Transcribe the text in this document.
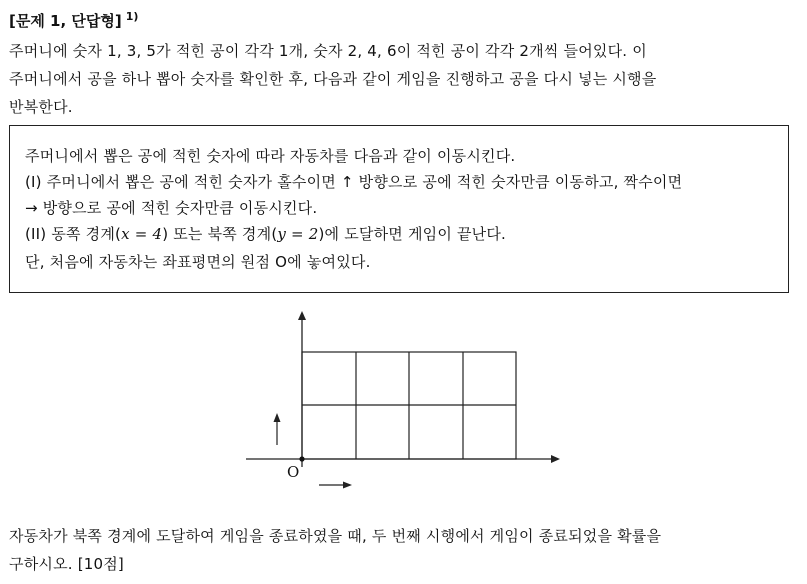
[문제 1, 단답형] $^{1)}$
주머니에 숫자 1, 3, 5가 적힌 공이 각각 1개, 숫자 2, 4, 6이 적힌 공이 각각 2개씩 들어있다. 이
주머니에서 공을 하나 뽑아 숫자를 확인한 후, 다음과 같이 게임을 진행하고 공을 다시 넣는 시행을
반복한다.
주머니에서 뽑은 공에 적힌 숫자에 따라 자동차를 다음과 같이 이동시킨다.
(I) 주머니에서 뽑은 공에 적힌 숫자가 홀수이면 ↑ 방향으로 공에 적힌 숫자만큼 이동하고, 짝수이면
→ 방향으로 공에 적힌 숫자만큼 이동시킨다.
(II) 동쪽 경계(x = 4) 또는 북쪽 경계(y = 2)에 도달하면 게임이 끝난다.
단, 처음에 자동차는 좌표평면의 원점 O에 놓여있다.
O
자동차가 북쪽 경계에 도달하여 게임을 종료하였을 때, 두 번째 시행에서 게임이 종료되었을 확률을
구하시오. [10점]
